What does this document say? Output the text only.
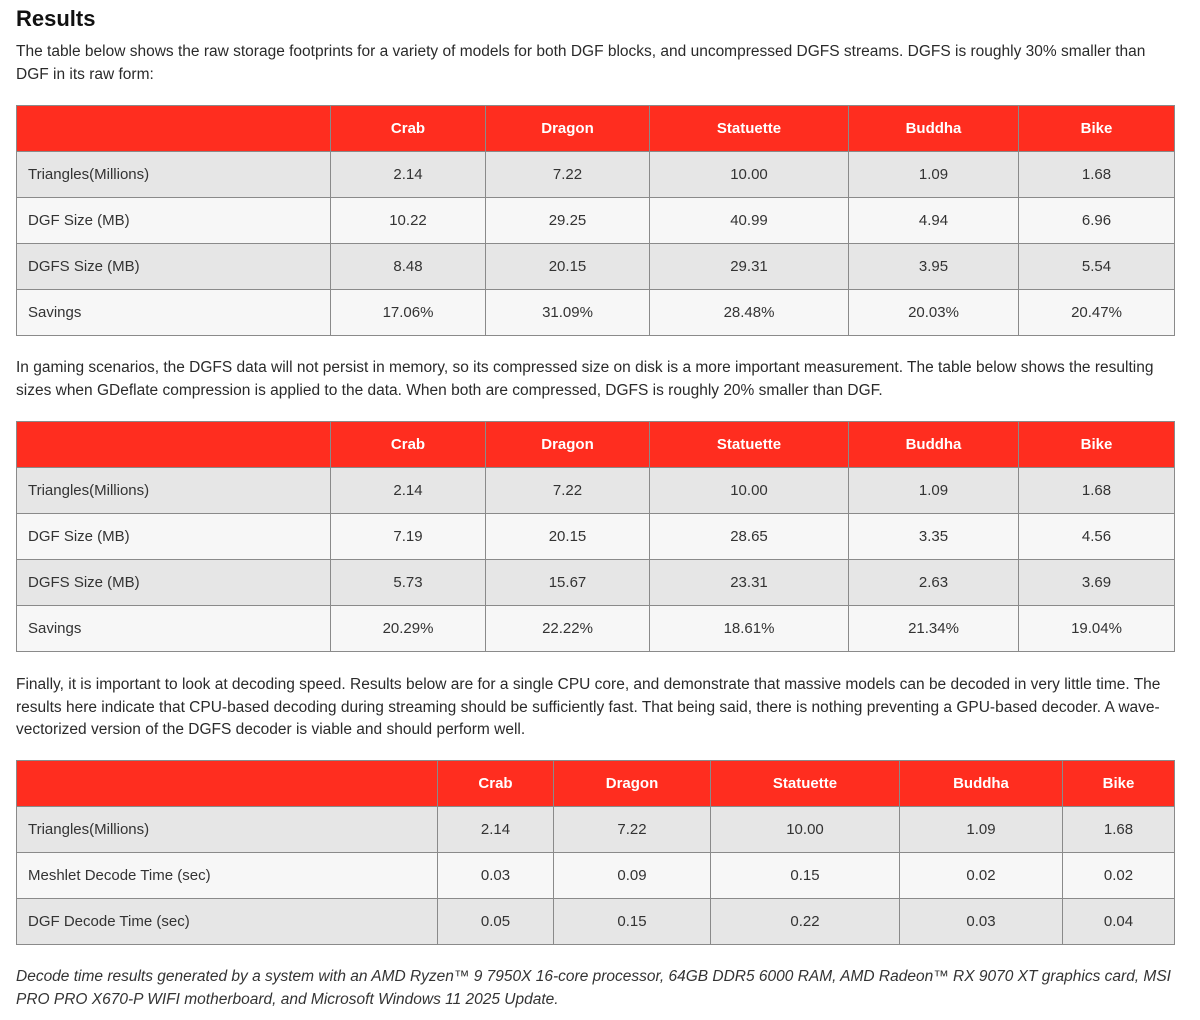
Results

The table below shows the raw storage footprints for a variety of models for both DGF blocks, and uncompressed DGFS streams. DGFS is roughly 30% smaller than DGF in its raw form:

	Crab	Dragon	Statuette	Buddha	Bike
Triangles(Millions)	2.14	7.22	10.00	1.09	1.68
DGF Size (MB)	10.22	29.25	40.99	4.94	6.96
DGFS Size (MB)	8.48	20.15	29.31	3.95	5.54
Savings	17.06%	31.09%	28.48%	20.03%	20.47%

In gaming scenarios, the DGFS data will not persist in memory, so its compressed size on disk is a more important measurement. The table below shows the resulting sizes when GDeflate compression is applied to the data. When both are compressed, DGFS is roughly 20% smaller than DGF.

	Crab	Dragon	Statuette	Buddha	Bike
Triangles(Millions)	2.14	7.22	10.00	1.09	1.68
DGF Size (MB)	7.19	20.15	28.65	3.35	4.56
DGFS Size (MB)	5.73	15.67	23.31	2.63	3.69
Savings	20.29%	22.22%	18.61%	21.34%	19.04%

Finally, it is important to look at decoding speed. Results below are for a single CPU core, and demonstrate that massive models can be decoded in very little time. The results here indicate that CPU-based decoding during streaming should be sufficiently fast. That being said, there is nothing preventing a GPU-based decoder. A wave-vectorized version of the DGFS decoder is viable and should perform well.

	Crab	Dragon	Statuette	Buddha	Bike
Triangles(Millions)	2.14	7.22	10.00	1.09	1.68
Meshlet Decode Time (sec)	0.03	0.09	0.15	0.02	0.02
DGF Decode Time (sec)	0.05	0.15	0.22	0.03	0.04

Decode time results generated by a system with an AMD Ryzen™ 9 7950X 16-core processor, 64GB DDR5 6000 RAM, AMD Radeon™ RX 9070 XT graphics card, MSI PRO PRO X670-P WIFI motherboard, and Microsoft Windows 11 2025 Update.
